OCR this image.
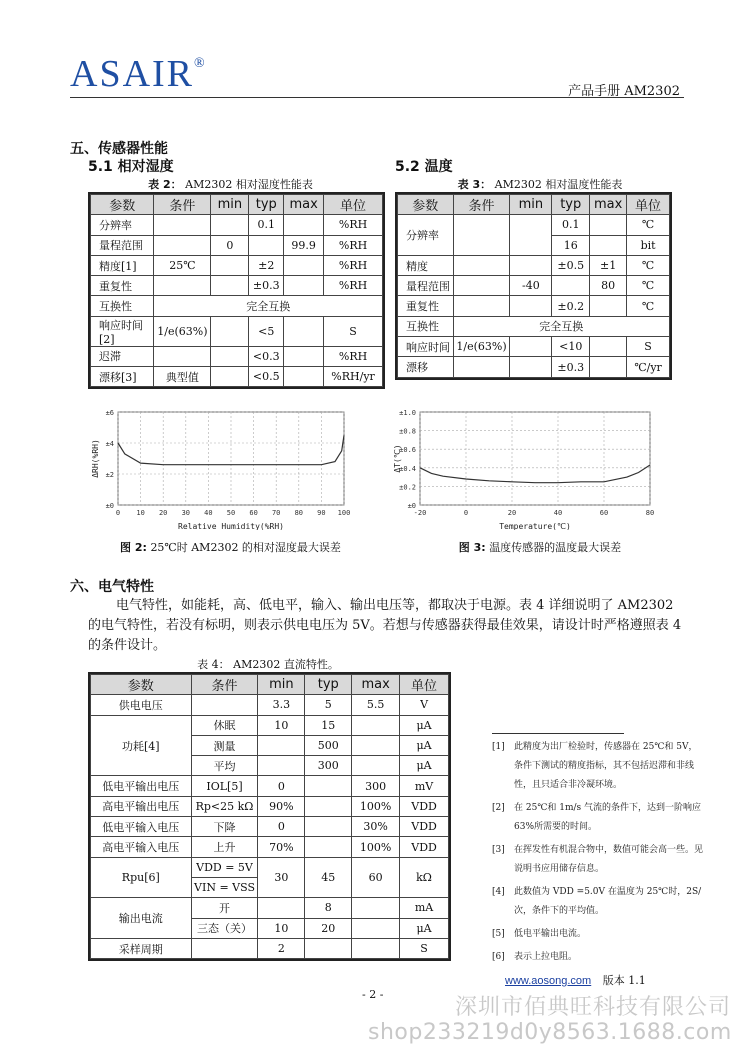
ASAIR®
产品手册 AM2302
五、传感器性能
5.1 相对湿度	5.2 温度
表 2： AM2302 相对湿度性能表	表 3： AM2302 相对温度性能表
参数	条件	min	typ	max	单位
分辨率			0.1		%RH
量程范围		0		99.9	%RH
精度[1]	25℃		±2		%RH
重复性			±0.3		%RH
互换性	完全互换				
响应时间[2]	1/e(63%)		<5		S
迟滞			<0.3		%RH
漂移[3]	典型值		<0.5		%RH/yr
参数	条件	min	typ	max	单位
分辨率			0.1		℃
			16		bit
精度			±0.5	±1	℃
量程范围		-40		80	℃
重复性			±0.2		℃
互换性	完全互换				
响应时间	1/e(63%)		<10		S
漂移			±0.3		℃/yr
±0
±2
±4
±6
0 10 20 30 40 50 60 70 80 90 100
Relative Humidity(%RH)
ΔRH(%RH)
±0
±0.2
±0.4
±0.6
±0.8
±1.0
-20	0	20	40	60	80
Temperature(℃)
ΔT(℃)
图 2: 25℃时 AM2302 的相对湿度最大误差	图 3: 温度传感器的温度最大误差
六、电气特性
电气特性，如能耗，高、低电平，输入、输出电压等，都取决于电源。表 4 详细说明了 AM2302 的电气特性，若没有标明，则表示供电电压为 5V。若想与传感器获得最佳效果，请设计时严格遵照表 4 的条件设计。
表 4： AM2302 直流特性。
参数	条件	min	typ	max	单位
供电电压		3.3	5	5.5	V
功耗[4]	休眠	10	15		μA
	测量		500		μA
	平均		300		μA
低电平输出电压	IOL[5]	0		300	mV
高电平输出电压	Rp<25 kΩ	90%		100%	VDD
低电平输入电压	下降	0		30%	VDD
高电平输入电压	上升	70%		100%	VDD
Rpu[6]	VDD = 5V	30	45	60	kΩ
	VIN = VSS				
输出电流	开		8		mA
	三态（关）	10	20		μA
采样周期		2			S
[1]	此精度为出厂检验时，传感器在 25℃和 5V，条件下测试的精度指标，其不包括迟滞和非线性，且只适合非冷凝环境。
[2]	在 25℃和 1m/s 气流的条件下，达到一阶响应 63%所需要的时间。
[3]	在挥发性有机混合物中，数值可能会高一些。见说明书应用储存信息。
[4]	此数值为 VDD =5.0V 在温度为 25℃时，2S/次，条件下的平均值。
[5]	低电平输出电流。
[6]	表示上拉电阻。
www.aosong.com 版本 1.1
- 2 -
深圳市佰典旺科技有限公司
shop233219d0y8563.1688.com
